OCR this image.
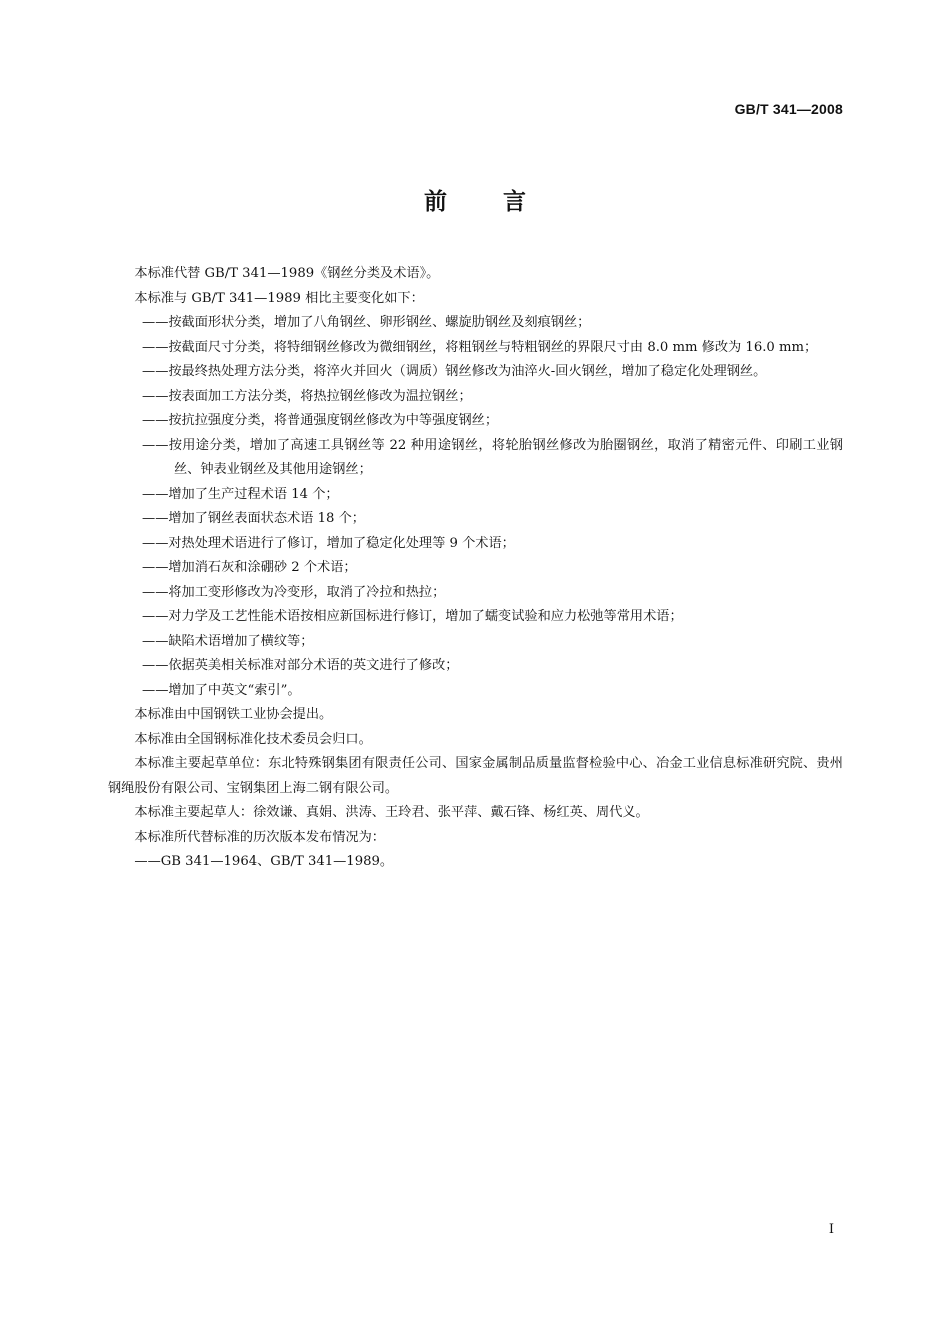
GB/T 341—2008
前言

本标准代替 GB/T 341—1989《钢丝分类及术语》。

本标准与 GB/T 341—1989 相比主要变化如下：

——按截面形状分类，增加了八角钢丝、卵形钢丝、螺旋肋钢丝及刻痕钢丝；

——按截面尺寸分类，将特细钢丝修改为微细钢丝，将粗钢丝与特粗钢丝的界限尺寸由 8.0 mm 修改为 16.0 mm；

——按最终热处理方法分类，将淬火并回火（调质）钢丝修改为油淬火-回火钢丝，增加了稳定化处理钢丝。

——按表面加工方法分类，将热拉钢丝修改为温拉钢丝；

——按抗拉强度分类，将普通强度钢丝修改为中等强度钢丝；

——按用途分类，增加了高速工具钢丝等 22 种用途钢丝，将轮胎钢丝修改为胎圈钢丝，取消了精密元件、印刷工业钢丝、钟表业钢丝及其他用途钢丝；

——增加了生产过程术语 14 个；

——增加了钢丝表面状态术语 18 个；

——对热处理术语进行了修订，增加了稳定化处理等 9 个术语；

——增加消石灰和涂硼砂 2 个术语；

——将加工变形修改为冷变形，取消了冷拉和热拉；

——对力学及工艺性能术语按相应新国标进行修订，增加了蠕变试验和应力松弛等常用术语；

——缺陷术语增加了横纹等；

——依据英美相关标准对部分术语的英文进行了修改；

——增加了中英文“索引”。

本标准由中国钢铁工业协会提出。

本标准由全国钢标准化技术委员会归口。

本标准主要起草单位：东北特殊钢集团有限责任公司、国家金属制品质量监督检验中心、冶金工业信息标准研究院、贵州钢绳股份有限公司、宝钢集团上海二钢有限公司。

本标准主要起草人：徐效谦、真娟、洪涛、王玲君、张平萍、戴石锋、杨红英、周代义。

本标准所代替标准的历次版本发布情况为：

——GB 341—1964、GB/T 341—1989。

I
